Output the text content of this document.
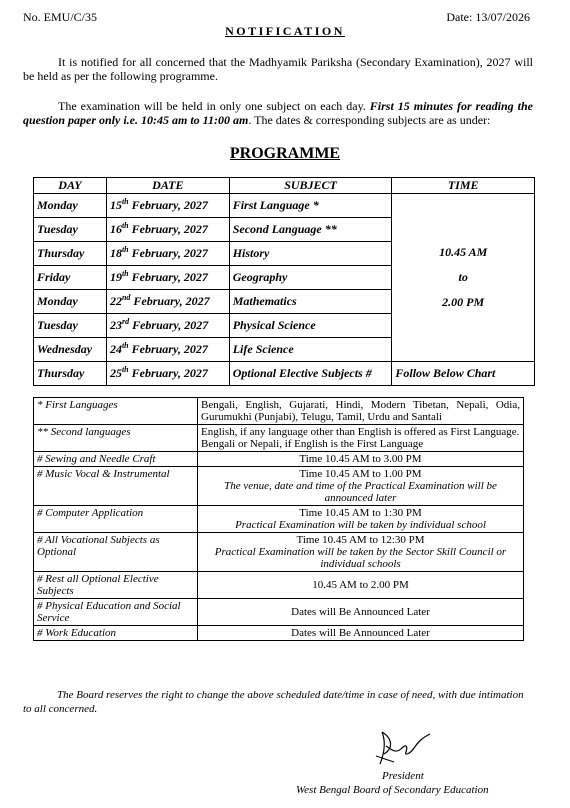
No. EMU/C/35	Date: 13/07/2026
NOTIFICATION
It is notified for all concerned that the Madhyamik Pariksha (Secondary Examination), 2027 will be held as per the following programme.
The examination will be held in only one subject on each day. First 15 minutes for reading the question paper only i.e. 10:45 am to 11:00 am. The dates & corresponding subjects are as under:
PROGRAMME
DAY	DATE	SUBJECT	TIME
Monday	15th February, 2027	First Language *	10.45 AM
to
2.00 PM

Tuesday	16th February, 2027	Second Language **	
Thursday	18th February, 2027	History	
Friday	19th February, 2027	Geography	
Monday	22nd February, 2027	Mathematics	
Tuesday	23rd February, 2027	Physical Science	
Wednesday	24th February, 2027	Life Science	
Thursday	25th February, 2027	Optional Elective Subjects #	Follow Below Chart
* First Languages	Bengali, English, Gujarati, Hindi, Modern Tibetan, Nepali, Odia, Gurumukhi (Punjabi), Telugu, Tamil, Urdu and Santali
** Second languages	English, if any language other than English is offered as First Language.
Bengali or Nepali, if English is the First Language

# Sewing and Needle Craft	Time 10.45 AM to 3.00 PM
# Music Vocal & Instrumental	Time 10.45 AM to 1.00 PM
The venue, date and time of the Practical Examination will be announced later

# Computer Application	Time 10.45 AM to 1:30 PM
Practical Examination will be taken by individual school

# All Vocational Subjects as Optional	Time 10.45 AM to 12:30 PM
Practical Examination will be taken by the Sector Skill Council or individual schools

# Rest all Optional Elective Subjects	10.45 AM to 2.00 PM
# Physical Education and Social Service	Dates will Be Announced Later
# Work Education	Dates will Be Announced Later
The Board reserves the right to change the above scheduled date/time in case of need, with due intimation to all concerned.
President
West Bengal Board of Secondary Education
